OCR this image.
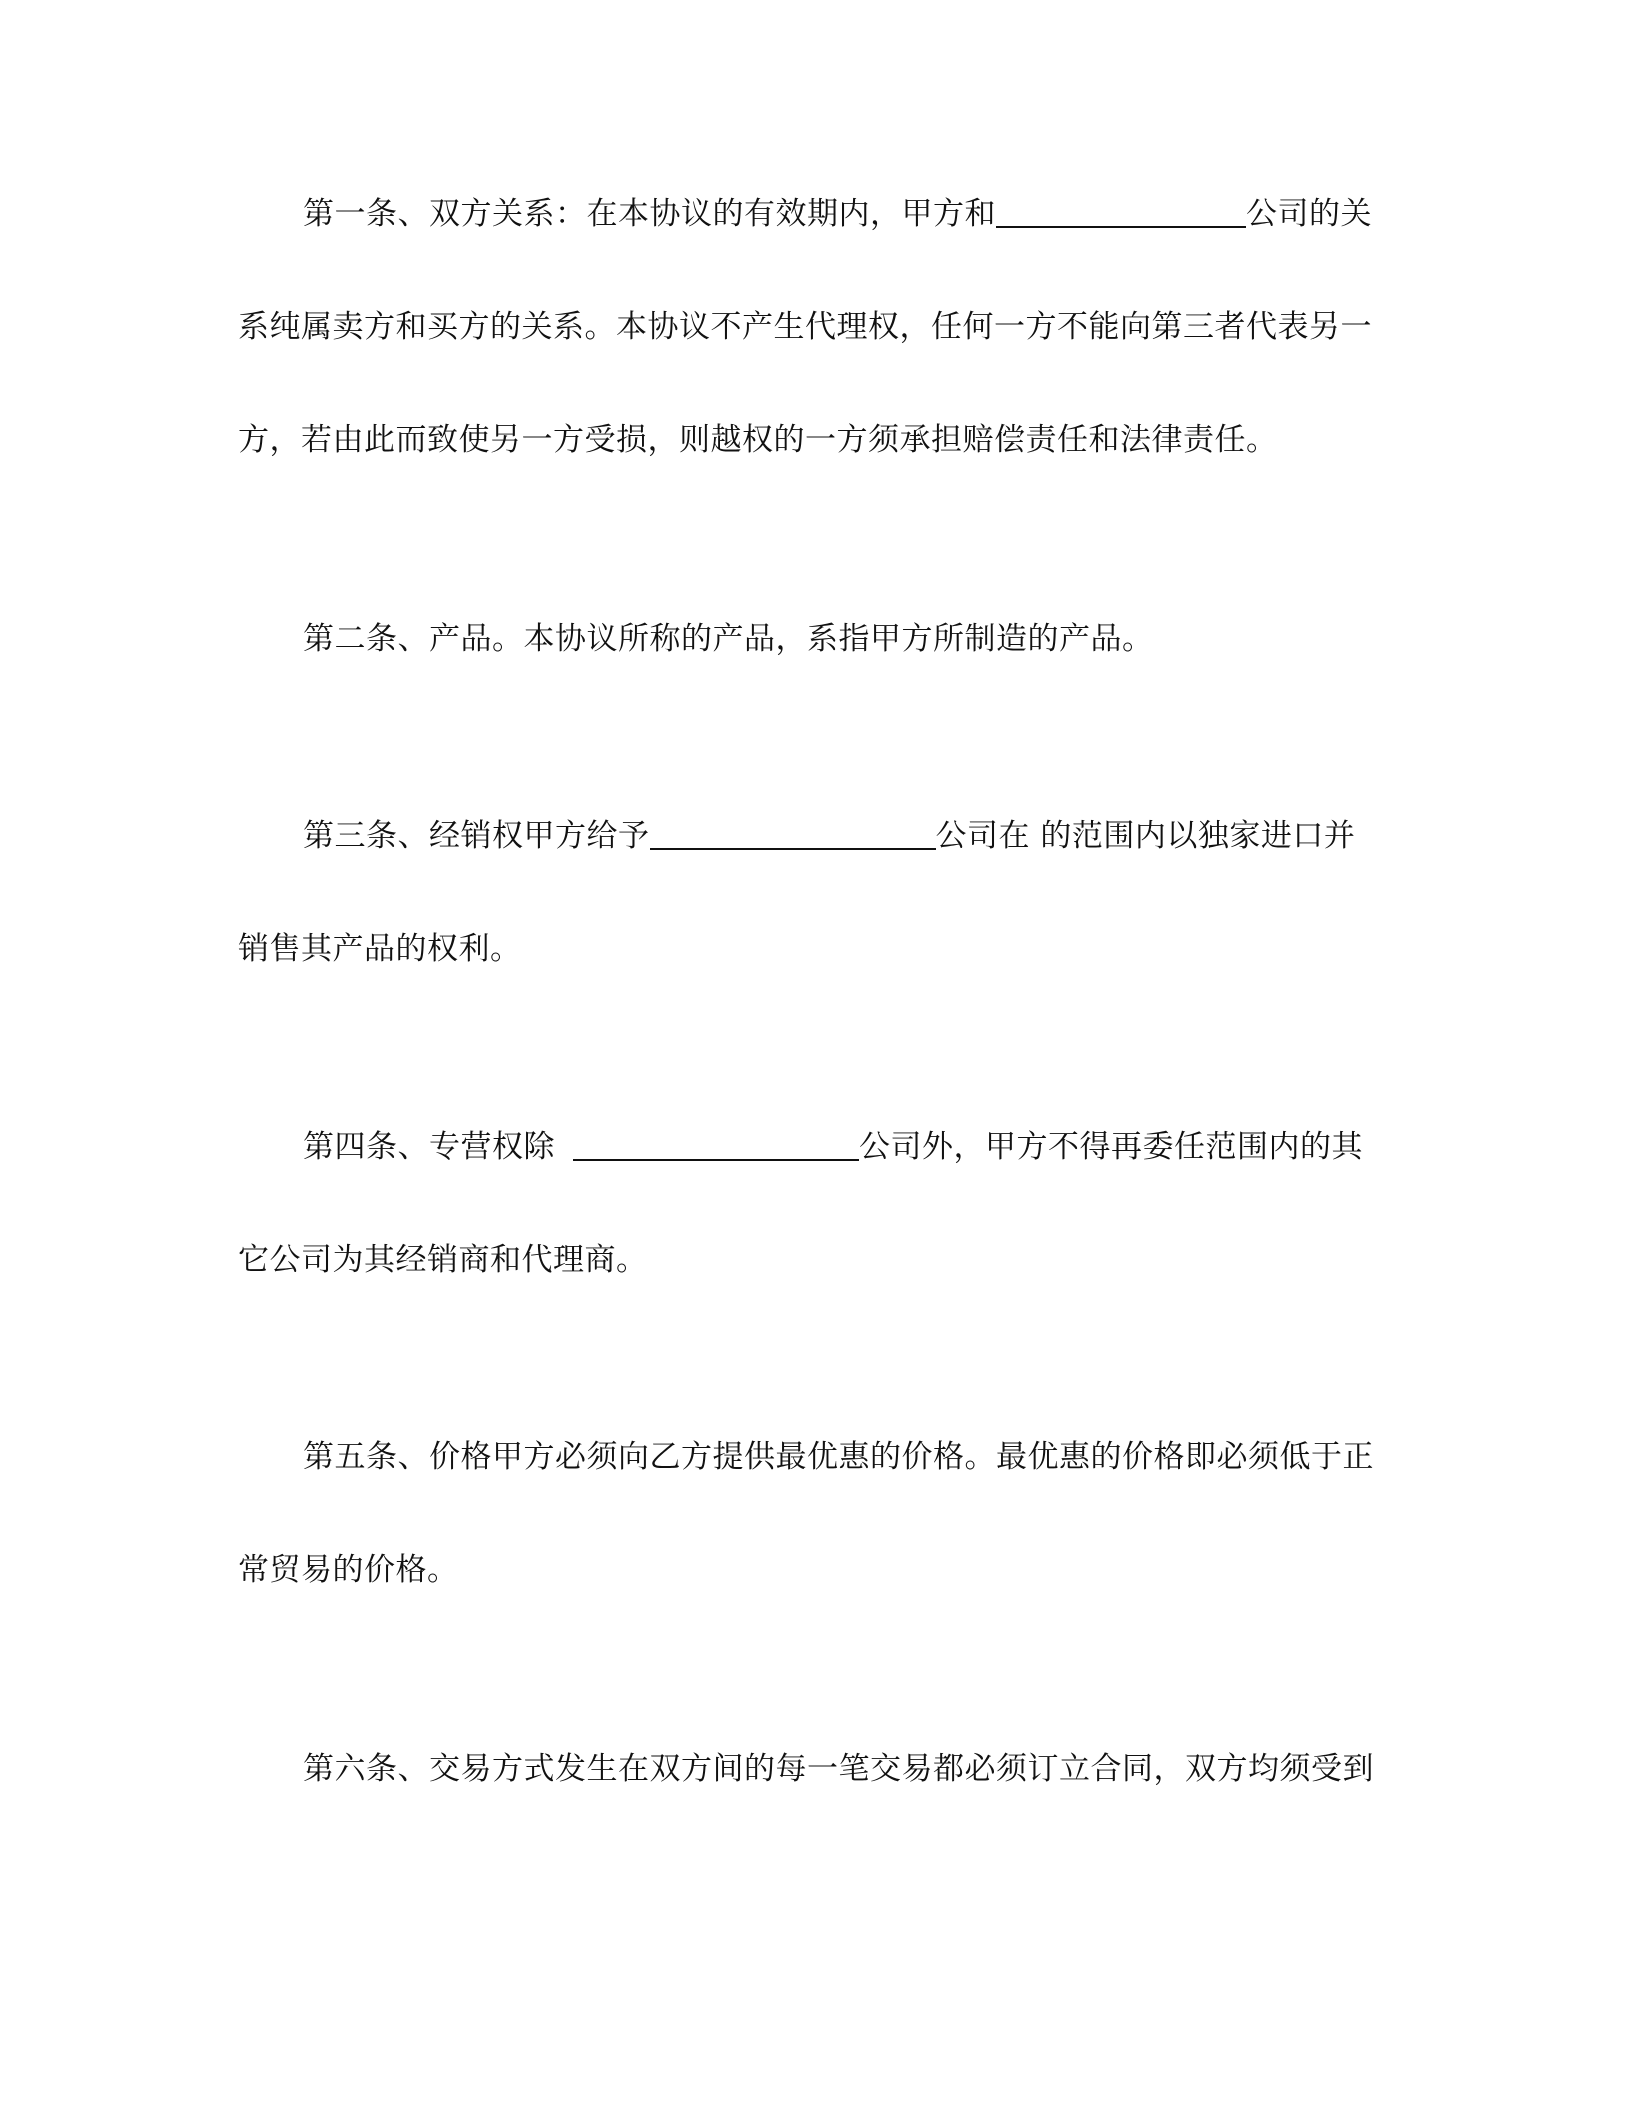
第一条、双方关系：在本协议的有效期内，甲方和	公司的关
系纯属卖方和买方的关系。本协议不产生代理权，任何一方不能向第三者代表另一
方，若由此而致使另一方受损，则越权的一方须承担赔偿责任和法律责任。
第二条、产品。本协议所称的产品，系指甲方所制造的产品。
第三条、经销权甲方给予	公司在 的范围内以独家进口并
销售其产品的权利。
第四条、专营权除	公司外，甲方不得再委任范围内的其
它公司为其经销商和代理商。
第五条、价格甲方必须向乙方提供最优惠的价格。最优惠的价格即必须低于正
常贸易的价格。
第六条、交易方式发生在双方间的每一笔交易都必须订立合同，双方均须受到
